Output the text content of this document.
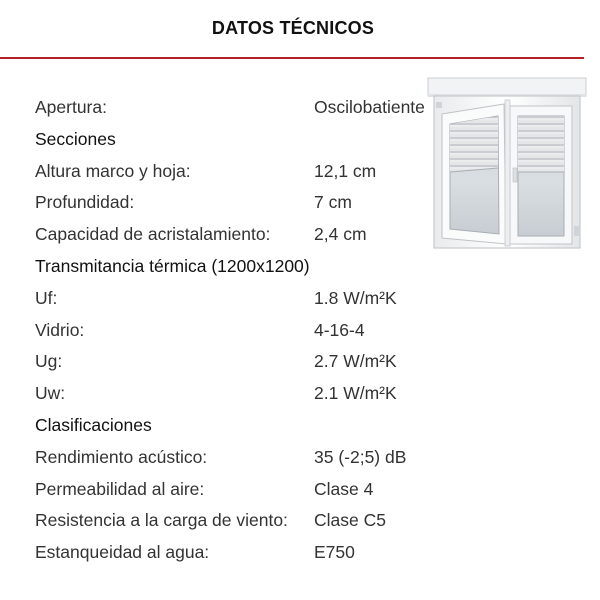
DATOS TÉCNICOS
Apertura:	Oscilobatiente
Secciones
Altura marco y hoja:	12,1 cm
Profundidad:	7 cm
Capacidad de acristalamiento: 2,4 cm
Transmitancia térmica (1200x1200)
Uf:	1.8 W/m²K
Vidrio:	4-16-4
Ug:	2.7 W/m²K
Uw:	2.1 W/m²K
Clasificaciones
Rendimiento acústico:	35 (-2;5) dB
Permeabilidad al aire:	Clase 4
Resistencia a la carga de viento: Clase C5
Estanqueidad al agua:	E750
